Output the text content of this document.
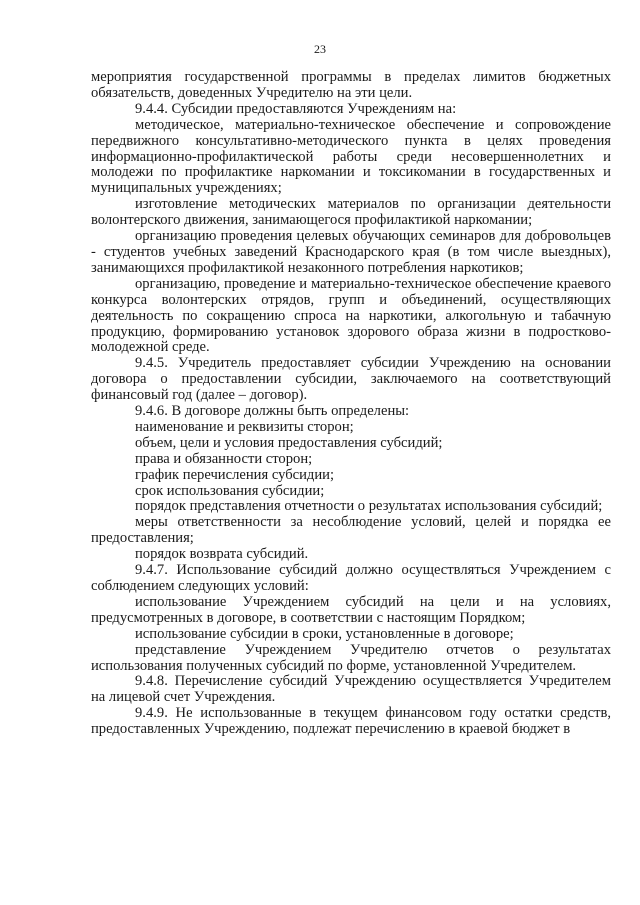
23

мероприятия государственной программы в пределах лимитов бюджетных обязательств, доведенных Учредителю на эти цели.

9.4.4. Субсидии предоставляются Учреждениям на:

методическое, материально-техническое обеспечение и сопровождение передвижного консультативно-методического пункта в целях проведения информационно-профилактической работы среди несовершеннолетних и молодежи по профилактике наркомании и токсикомании в государственных и муниципальных учреждениях;

изготовление методических материалов по организации деятельности волонтерского движения, занимающегося профилактикой наркомании;

организацию проведения целевых обучающих семинаров для добровольцев - студентов учебных заведений Краснодарского края (в том числе выездных), занимающихся профилактикой незаконного потребления наркотиков;

организацию, проведение и материально-техническое обеспечение краевого конкурса волонтерских отрядов, групп и объединений, осуществляющих деятельность по сокращению спроса на наркотики, алкогольную и табачную продукцию, формированию установок здорового образа жизни в подростково-молодежной среде.

9.4.5. Учредитель предоставляет субсидии Учреждению на основании договора о предоставлении субсидии, заключаемого на соответствующий финансовый год (далее – договор).

9.4.6. В договоре должны быть определены:

наименование и реквизиты сторон;

объем, цели и условия предоставления субсидий;

права и обязанности сторон;

график перечисления субсидии;

срок использования субсидии;

порядок представления отчетности о результатах использования субсидий;

меры ответственности за несоблюдение условий, целей и порядка ее предоставления;

порядок возврата субсидий.

9.4.7. Использование субсидий должно осуществляться Учреждением с соблюдением следующих условий:

использование Учреждением субсидий на цели и на условиях, предусмотренных в договоре, в соответствии с настоящим Порядком;

использование субсидии в сроки, установленные в договоре;

представление Учреждением Учредителю отчетов о результатах использования полученных субсидий по форме, установленной Учредителем.

9.4.8. Перечисление субсидий Учреждению осуществляется Учредителем на лицевой счет Учреждения.

9.4.9. Не использованные в текущем финансовом году остатки средств, предоставленных Учреждению, подлежат перечислению в краевой бюджет в
